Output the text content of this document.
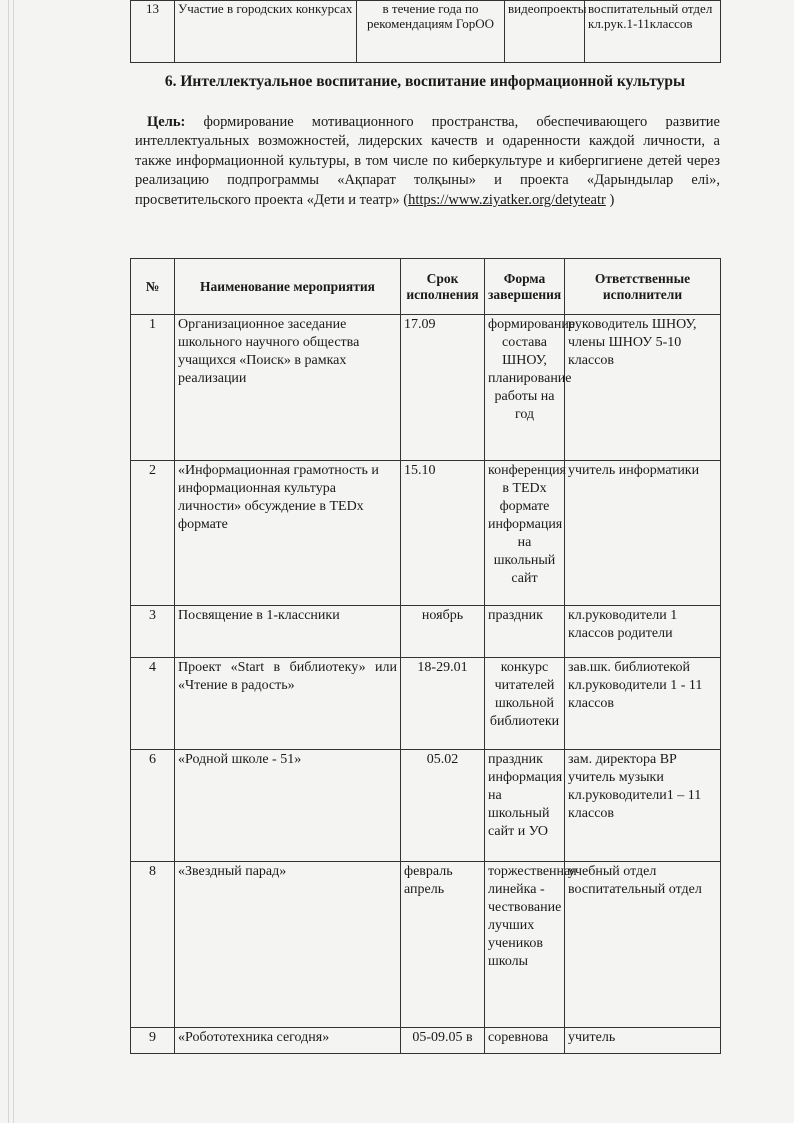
13	Участие в городских конкурсах	в течение года по рекомендациям ГорОО	видеопроекты	воспитательный отдел кл.рук.1-11классов
6. Интеллектуальное воспитание, воспитание информационной культуры
Цель: формирование мотивационного пространства, обеспечивающего развитие интеллектуальных возможностей, лидерских качеств и одаренности каждой личности, а также информационной культуры, в том числе по киберкультуре и кибергигиене детей через реализацию подпрограммы «Ақпарат толқыны» и проекта «Дарындылар елі», просветительского проекта «Дети и театр» (https://www.ziyatker.org/detyteatr )
№	Наименование мероприятия	Срок исполнения	Форма завершения	Ответственные исполнители
1	Организационное заседание школьного научного общества учащихся «Поиск» в рамках реализации	17.09	формирование состава ШНОУ, планирование работы на год	руководитель ШНОУ, члены ШНОУ 5-10 классов
2	«Информационная грамотность и информационная культура личности» обсуждение в TEDx формате	15.10	конференция в TEDx формате информация на школьный сайт	учитель информатики
3	Посвящение в 1-классники	ноябрь	праздник	кл.руководители 1 классов родители
4	Проект «Start в библиотеку» или «Чтение в радость»	18-29.01	конкурс читателей школьной библиотеки	зав.шк. библиотекой кл.руководители 1 - 11 классов
6	«Родной школе - 51»	05.02	праздник информация на школьный сайт и УО	зам. директора ВР учитель музыки кл.руководители1 – 11 классов
8	«Звездный парад»	февраль апрель	торжественная линейка - чествование лучших учеников школы	учебный отдел воспитательный отдел
9	«Робототехника сегодня»	05-09.05 в	соревнова	учитель
